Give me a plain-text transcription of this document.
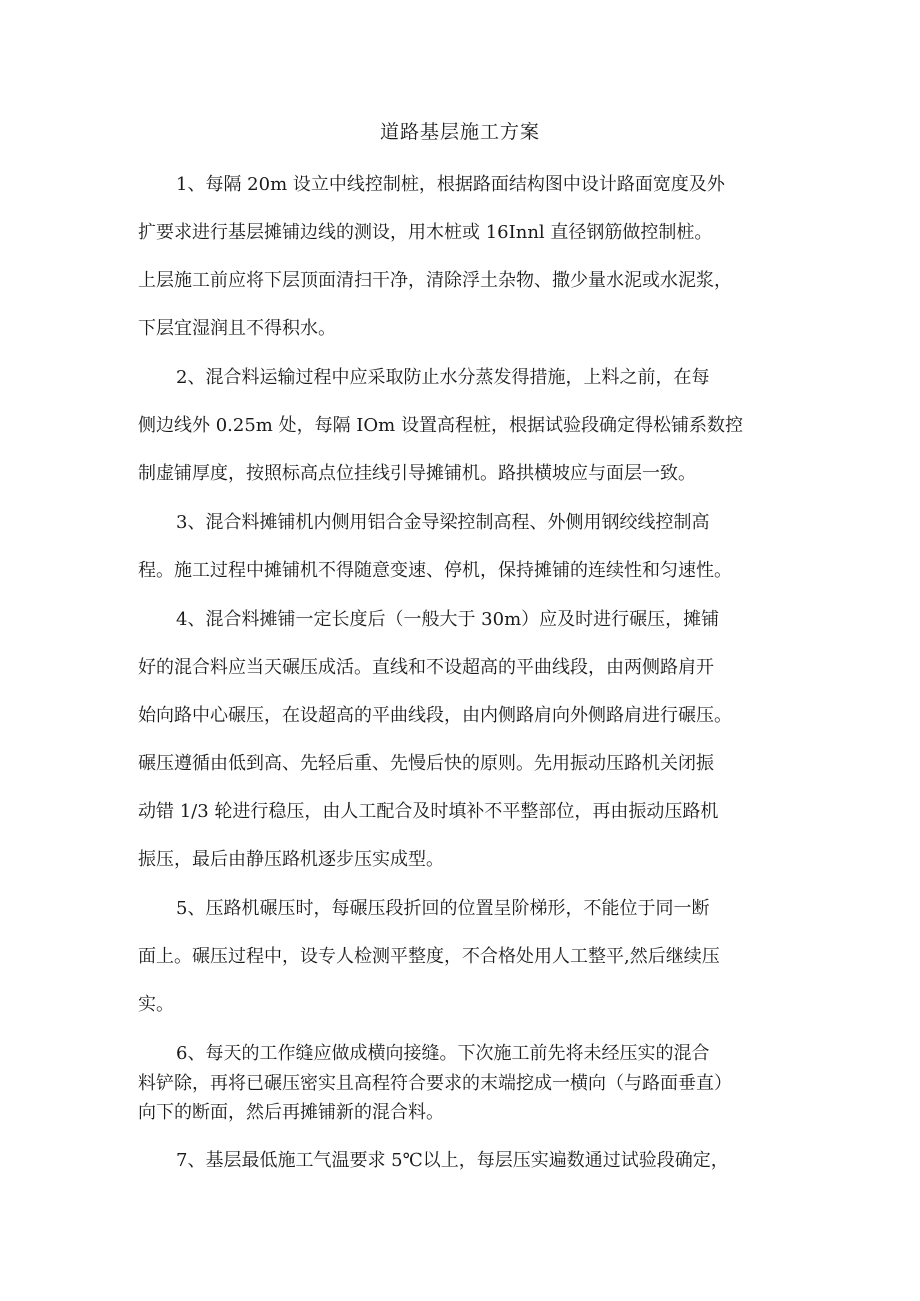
道路基层施工方案
1、每隔 20m 设立中线控制桩，根据路面结构图中设计路面宽度及外
扩要求进行基层摊铺边线的测设，用木桩或 16Innl 直径钢筋做控制桩。
上层施工前应将下层顶面清扫干净，清除浮土杂物、撒少量水泥或水泥浆，
下层宜湿润且不得积水。
2、混合料运输过程中应采取防止水分蒸发得措施，上料之前，在每
侧边线外 0.25m 处，每隔 IOm 设置高程桩，根据试验段确定得松铺系数控
制虚铺厚度，按照标高点位挂线引导摊铺机。路拱横坡应与面层一致。
3、混合料摊铺机内侧用铝合金导梁控制高程、外侧用钢绞线控制高
程。施工过程中摊铺机不得随意变速、停机，保持摊铺的连续性和匀速性。
4、混合料摊铺一定长度后（一般大于 30m）应及时进行碾压，摊铺
好的混合料应当天碾压成活。直线和不设超高的平曲线段，由两侧路肩开
始向路中心碾压，在设超高的平曲线段，由内侧路肩向外侧路肩进行碾压。
碾压遵循由低到高、先轻后重、先慢后快的原则。先用振动压路机关闭振
动错 1/3 轮进行稳压，由人工配合及时填补不平整部位，再由振动压路机
振压，最后由静压路机逐步压实成型。
5、压路机碾压时，每碾压段折回的位置呈阶梯形，不能位于同一断
面上。碾压过程中，设专人检测平整度，不合格处用人工整平,然后继续压
实。
6、每天的工作缝应做成横向接缝。下次施工前先将未经压实的混合
料铲除，再将已碾压密实且高程符合要求的末端挖成一横向（与路面垂直）
向下的断面，然后再摊铺新的混合料。
7、基层最低施工气温要求 5℃以上，每层压实遍数通过试验段确定，
